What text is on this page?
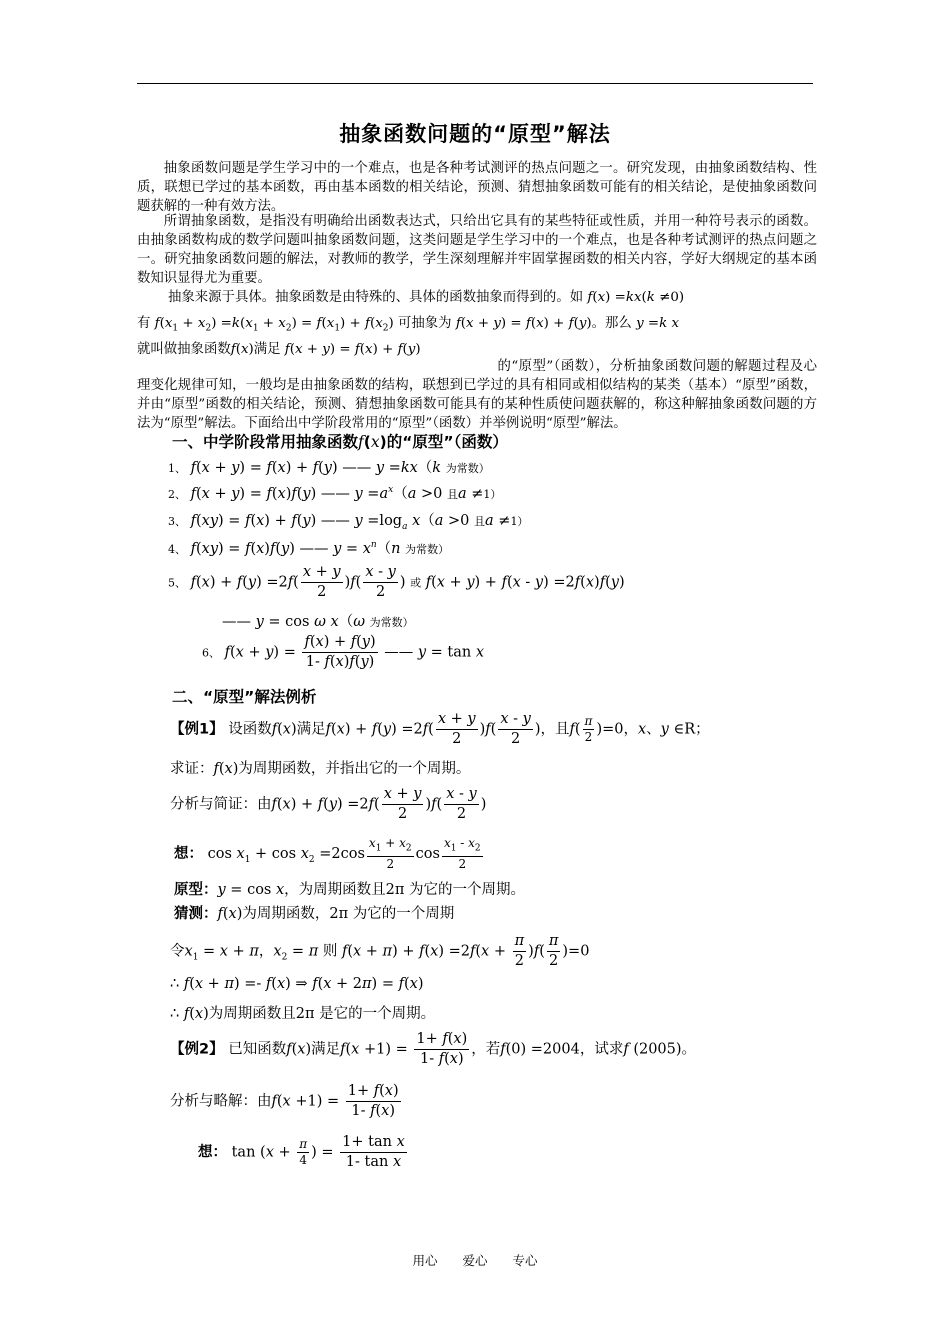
抽象函数问题的“原型”解法
抽象函数问题是学生学习中的一个难点，也是各种考试测评的热点问题之一。研究发现，由抽象函数结构、性质，联想已学过的基本函数，再由基本函数的相关结论，预测、猜想抽象函数可能有的相关结论，是使抽象函数问题获解的一种有效方法。
所谓抽象函数，是指没有明确给出函数表达式，只给出它具有的某些特征或性质，并用一种符号表示的函数。由抽象函数构成的数学问题叫抽象函数问题，这类问题是学生学习中的一个难点，也是各种考试测评的热点问题之一。研究抽象函数问题的解法，对教师的教学，学生深刻理解并牢固掌握函数的相关内容，学好大纲规定的基本函数知识显得尤为重要。
抽象来源于具体。抽象函数是由特殊的、具体的函数抽象而得到的。如 f(x) =kx(k ≠0)
有 $f(x_1 + x_2) =k(x_1 + x_2) = f(x_1) + f(x_2)$ 可抽象为 f(x + y) = f(x) + f(y)。那么 y =k x
就叫做抽象函数f(x)满足 f(x + y) = f(x) + f(y)
的“原型”（函数），分析抽象函数问题的解题过程及心理变化规律可知，一般均是由抽象函数的结构，联想到已学过的具有相同或相似结构的某类（基本）“原型”函数，并由“原型”函数的相关结论，预测、猜想抽象函数可能具有的某种性质使问题获解的，称这种解抽象函数问题的方法为“原型”解法。下面给出中学阶段常用的“原型”（函数）并举例说明“原型”解法。
一、中学阶段常用抽象函数f(x)的“原型”（函数）
1、 f(x + y) = f(x) + f(y) —— y =kx（k 为常数）
2、 f(x + y) = f(x)f(y) —— $y =a^x(a >0$ 且a ≠1）
3、 f(xy) = f(x) + f(y) —— $y =\log_a$ x（a >0 且a ≠1）
4、 f(xy) = f(x)f(y) —— $y = x^n(n$ 为常数）
5、 $f(x) + f(y) =2f( \frac{x + y}{2} )f( \frac{x - y}{2}$ ) 或 f(x + y) + f(x - y) =2f(x)f(y)
—— y = cos ω x（ω 为常数）
6、 $f(x + y) = \frac{f(x) + f(y)}{1- f(x)f(y)}$ —— y = tan x
二、“原型”解法例析
【例1】 设函数f(x)满足$f(x) + f(y) =2f( \frac{x + y}{2} )f( \frac{x - y}{2}$ )，且$f( \frac{\pi}{2} )=0$，x、y ∈R；
求证：f(x)为周期函数，并指出它的一个周期。
分析与简证：由$f(x) + f(y) =2f( \frac{x + y}{2} )f( \frac{x - y}{2}$ )
想： $\cos x_1 + \cos x_2 =2\cos \frac{x_1 + x_2}{2}$ $\cos \frac{x_1 - x_2}{2}$
原型：y = cos x，为周期函数且2π 为它的一个周期。
猜测：f(x)为周期函数，2π 为它的一个周期
令$x_1 = x + \pi$，$x_2 = \pi$ 则 $f(x + \pi) + f(x) =2f(x + \frac{\pi}{2} )f( \frac{\pi}{2} )=0$
∴ f(x + π) =- f(x) ⇒ f(x + 2π) = f(x)
∴ f(x)为周期函数且2π 是它的一个周期。
【例2】 已知函数f(x)满足$f(x +1) = \frac{1+ f(x)}{1- f(x)}$ ，若f(0) =2004，试求f (2005)。
分析与略解：由$f(x +1) = \frac{1+ f(x)}{1- f(x)}$
想： $\tan (x + \frac{\pi}{4}$ ) = $\frac{\text{1+ tan x}}{\text{1- tan x}}$
用心　　爱心　　专心
